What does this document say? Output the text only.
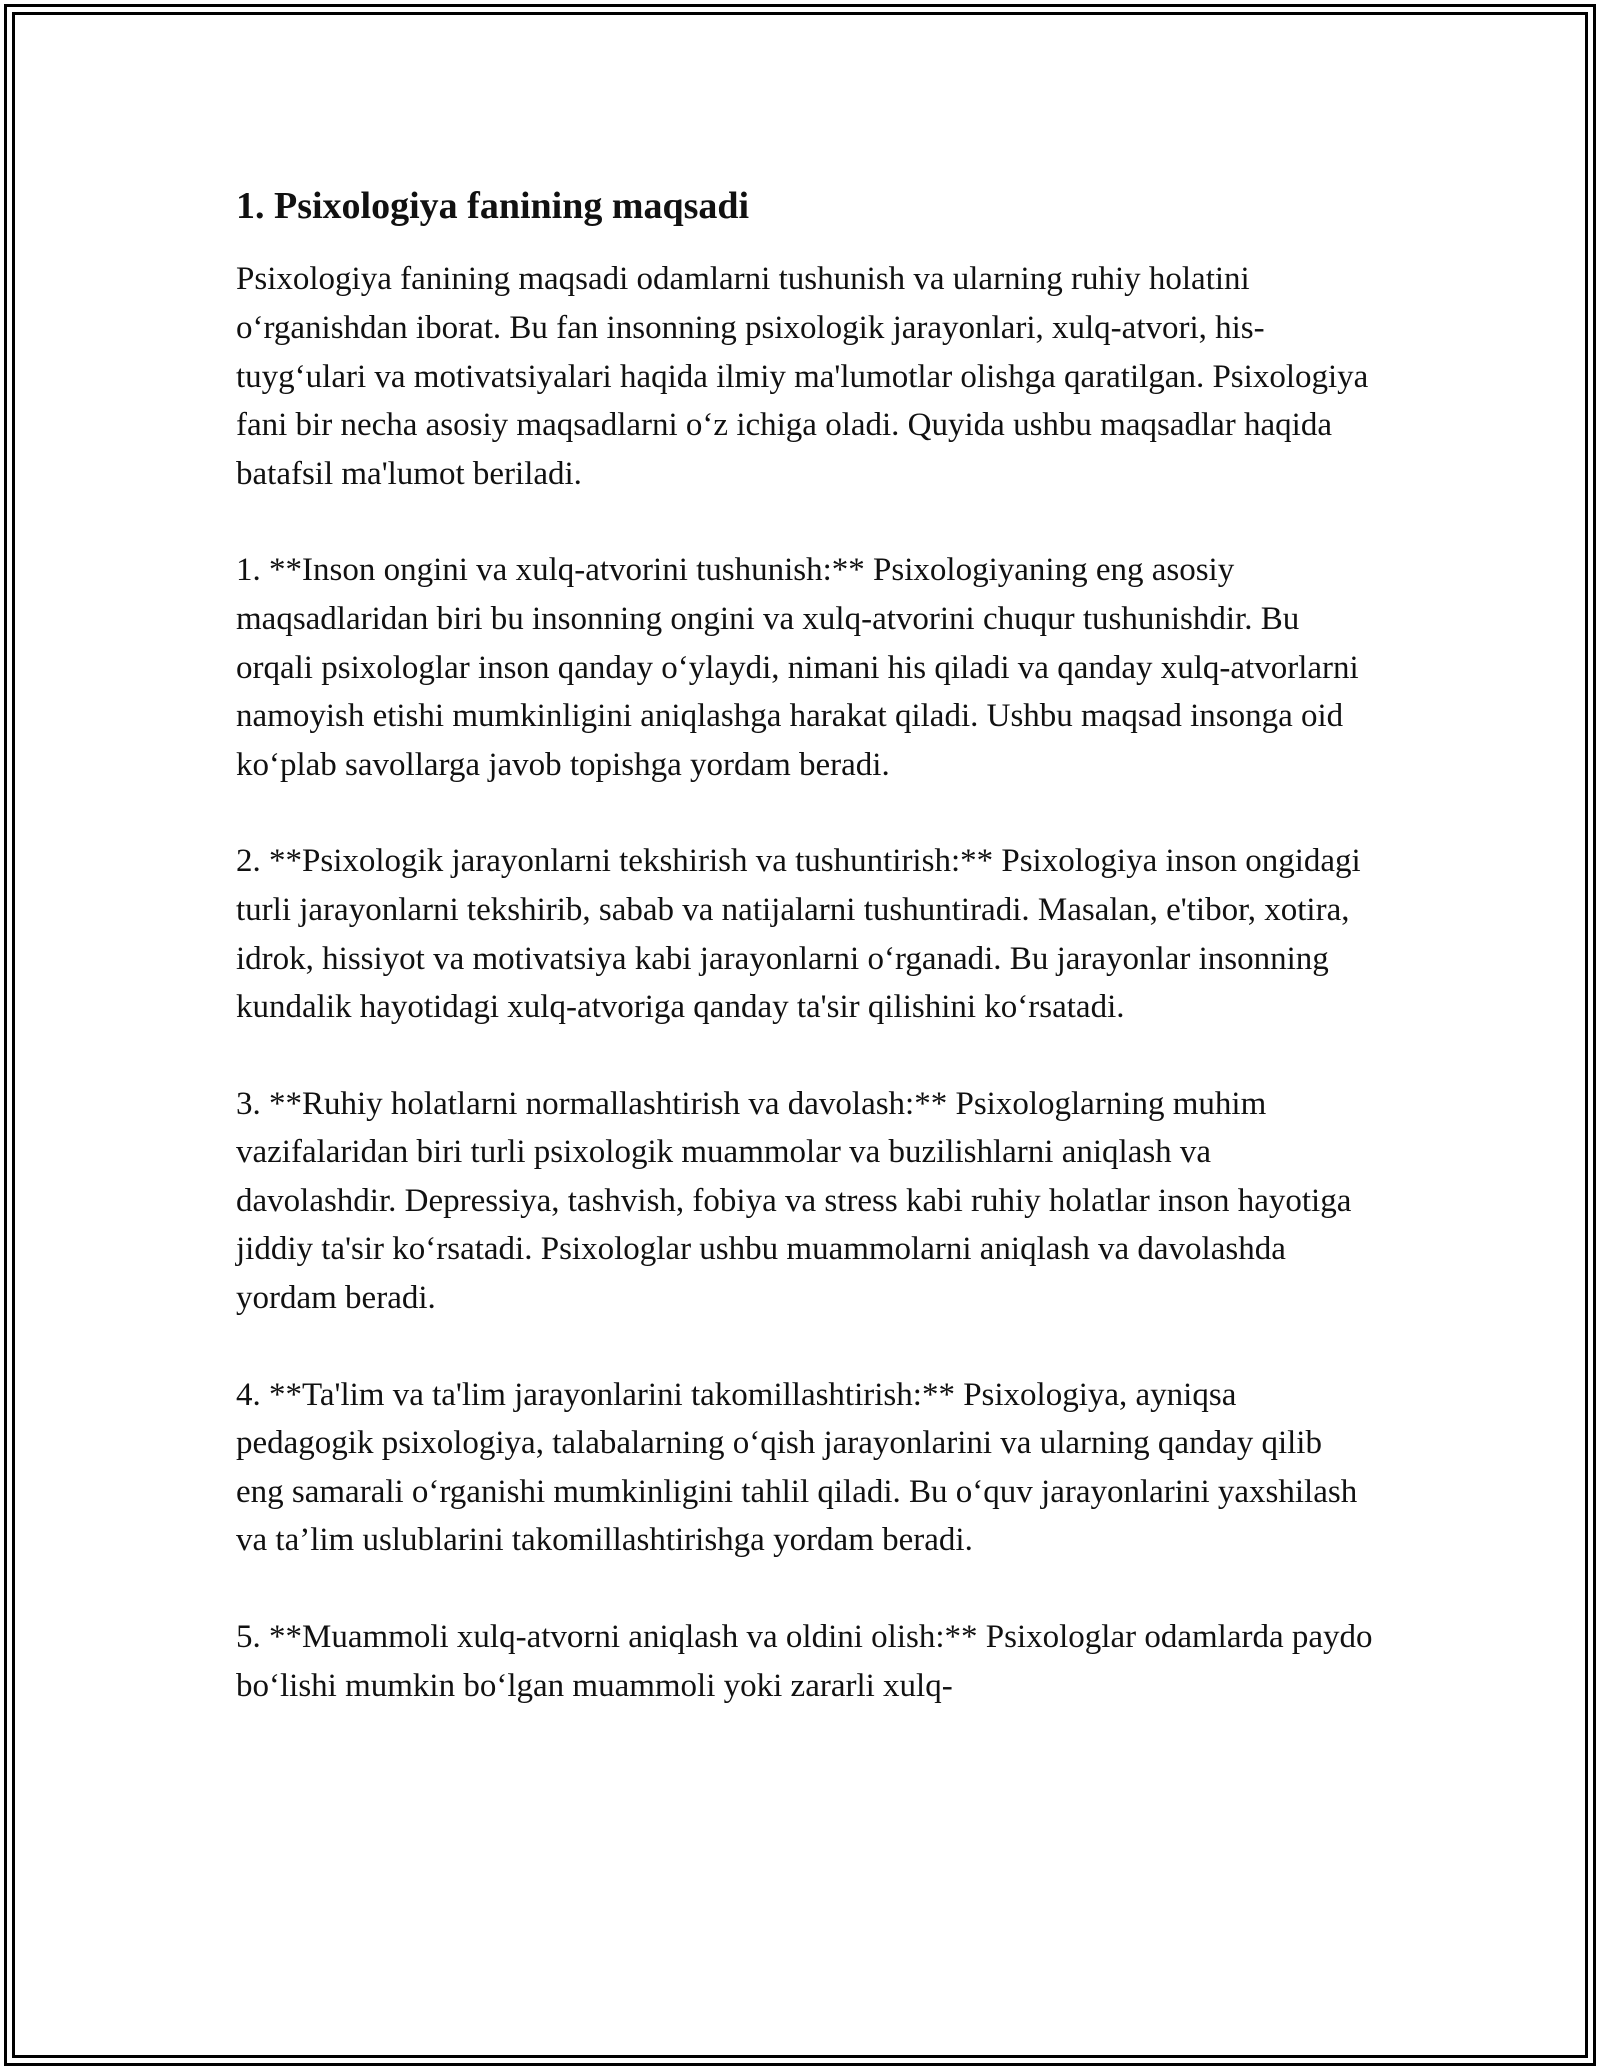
1. Psixologiya fanining maqsadi

Psixologiya fanining maqsadi odamlarni tushunish va ularning ruhiy holatini o‘rganishdan iborat. Bu fan insonning psixologik jarayonlari, xulq-atvori, his-tuyg‘ulari va motivatsiyalari haqida ilmiy ma'lumotlar olishga qaratilgan. Psixologiya fani bir necha asosiy maqsadlarni o‘z ichiga oladi. Quyida ushbu maqsadlar haqida batafsil ma'lumot beriladi.

1. **Inson ongini va xulq-atvorini tushunish:** Psixologiyaning eng asosiy maqsadlaridan biri bu insonning ongini va xulq-atvorini chuqur tushunishdir. Bu orqali psixologlar inson qanday o‘ylaydi, nimani his qiladi va qanday xulq-atvorlarni namoyish etishi mumkinligini aniqlashga harakat qiladi. Ushbu maqsad insonga oid ko‘plab savollarga javob topishga yordam beradi.

2. **Psixologik jarayonlarni tekshirish va tushuntirish:** Psixologiya inson ongidagi turli jarayonlarni tekshirib, sabab va natijalarni tushuntiradi. Masalan, e'tibor, xotira, idrok, hissiyot va motivatsiya kabi jarayonlarni o‘rganadi. Bu jarayonlar insonning kundalik hayotidagi xulq-atvoriga qanday ta'sir qilishini ko‘rsatadi.

3. **Ruhiy holatlarni normallashtirish va davolash:** Psixologlarning muhim vazifalaridan biri turli psixologik muammolar va buzilishlarni aniqlash va davolashdir. Depressiya, tashvish, fobiya va stress kabi ruhiy holatlar inson hayotiga jiddiy ta'sir ko‘rsatadi. Psixologlar ushbu muammolarni aniqlash va davolashda yordam beradi.

4. **Ta'lim va ta'lim jarayonlarini takomillashtirish:** Psixologiya, ayniqsa pedagogik psixologiya, talabalarning o‘qish jarayonlarini va ularning qanday qilib eng samarali o‘rganishi mumkinligini tahlil qiladi. Bu o‘quv jarayonlarini yaxshilash va ta’lim uslublarini takomillashtirishga yordam beradi.

5. **Muammoli xulq-atvorni aniqlash va oldini olish:** Psixologlar odamlarda paydo bo‘lishi mumkin bo‘lgan muammoli yoki zararli xulq-
